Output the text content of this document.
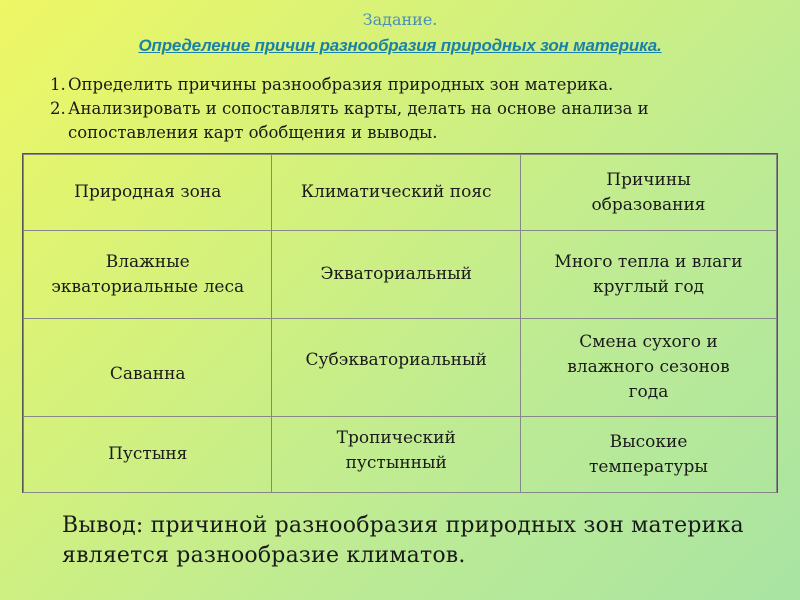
Задание.
Определение причин разнообразия природных зон материка.
1. Определить причины разнообразия природных зон материка.
2. Анализировать и сопоставлять карты, делать на основе анализа и сопоставления карт обобщения и выводы.
Природная зона	Климатический пояс	Причины образования
Влажные экваториальные леса	Экваториальный	Много тепла и влаги круглый год
Саванна	Субэкваториальный	Смена сухого и влажного сезонов года
Пустыня	Тропический пустынный	Высокие температуры
Вывод: причиной разнообразия природных зон материка является разнообразие климатов.
